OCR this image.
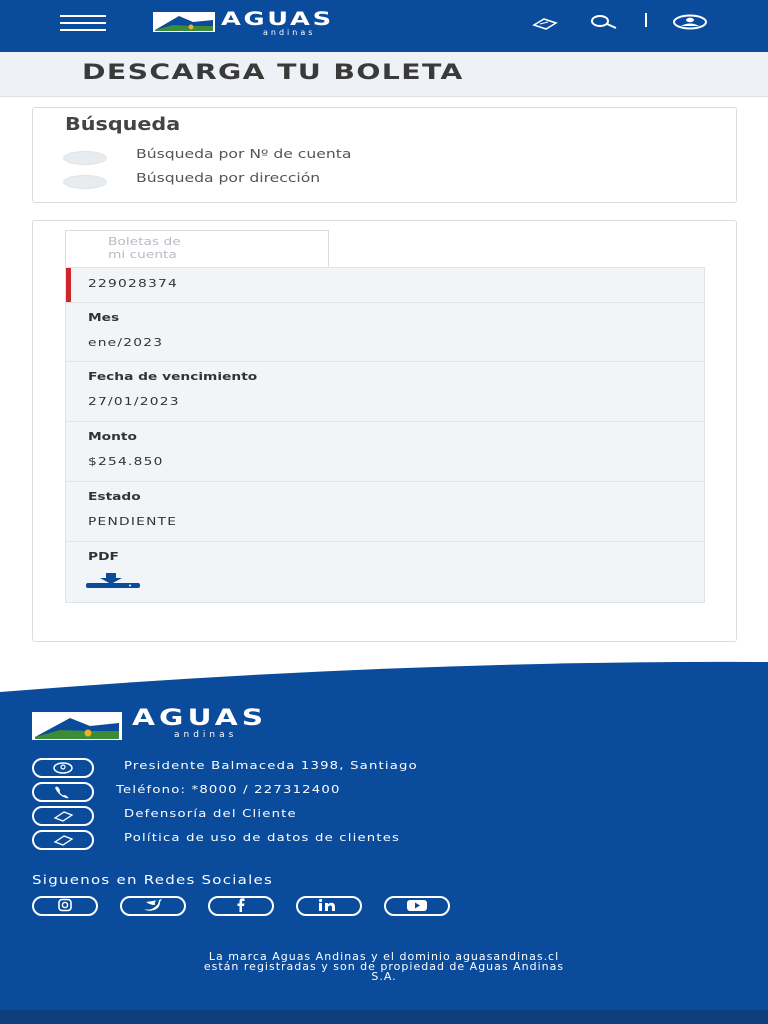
AGUAS
andinas
DESCARGA TU BOLETA
Búsqueda
Búsqueda por Nº de cuenta
Búsqueda por dirección
Boletas de
mi cuenta
229028374
Mes
ene/2023
Fecha de vencimiento
27/01/2023
Monto
$254.850
Estado
PENDIENTE
PDF
AGUAS
andinas
Presidente Balmaceda 1398, Santiago
Teléfono: *8000 / 227312400
Defensoría del Cliente
Política de uso de datos de clientes
Siguenos en Redes Sociales
La marca Aguas Andinas y el dominio aguasandinas.cl
están registradas y son de propiedad de Aguas Andinas
S.A.
